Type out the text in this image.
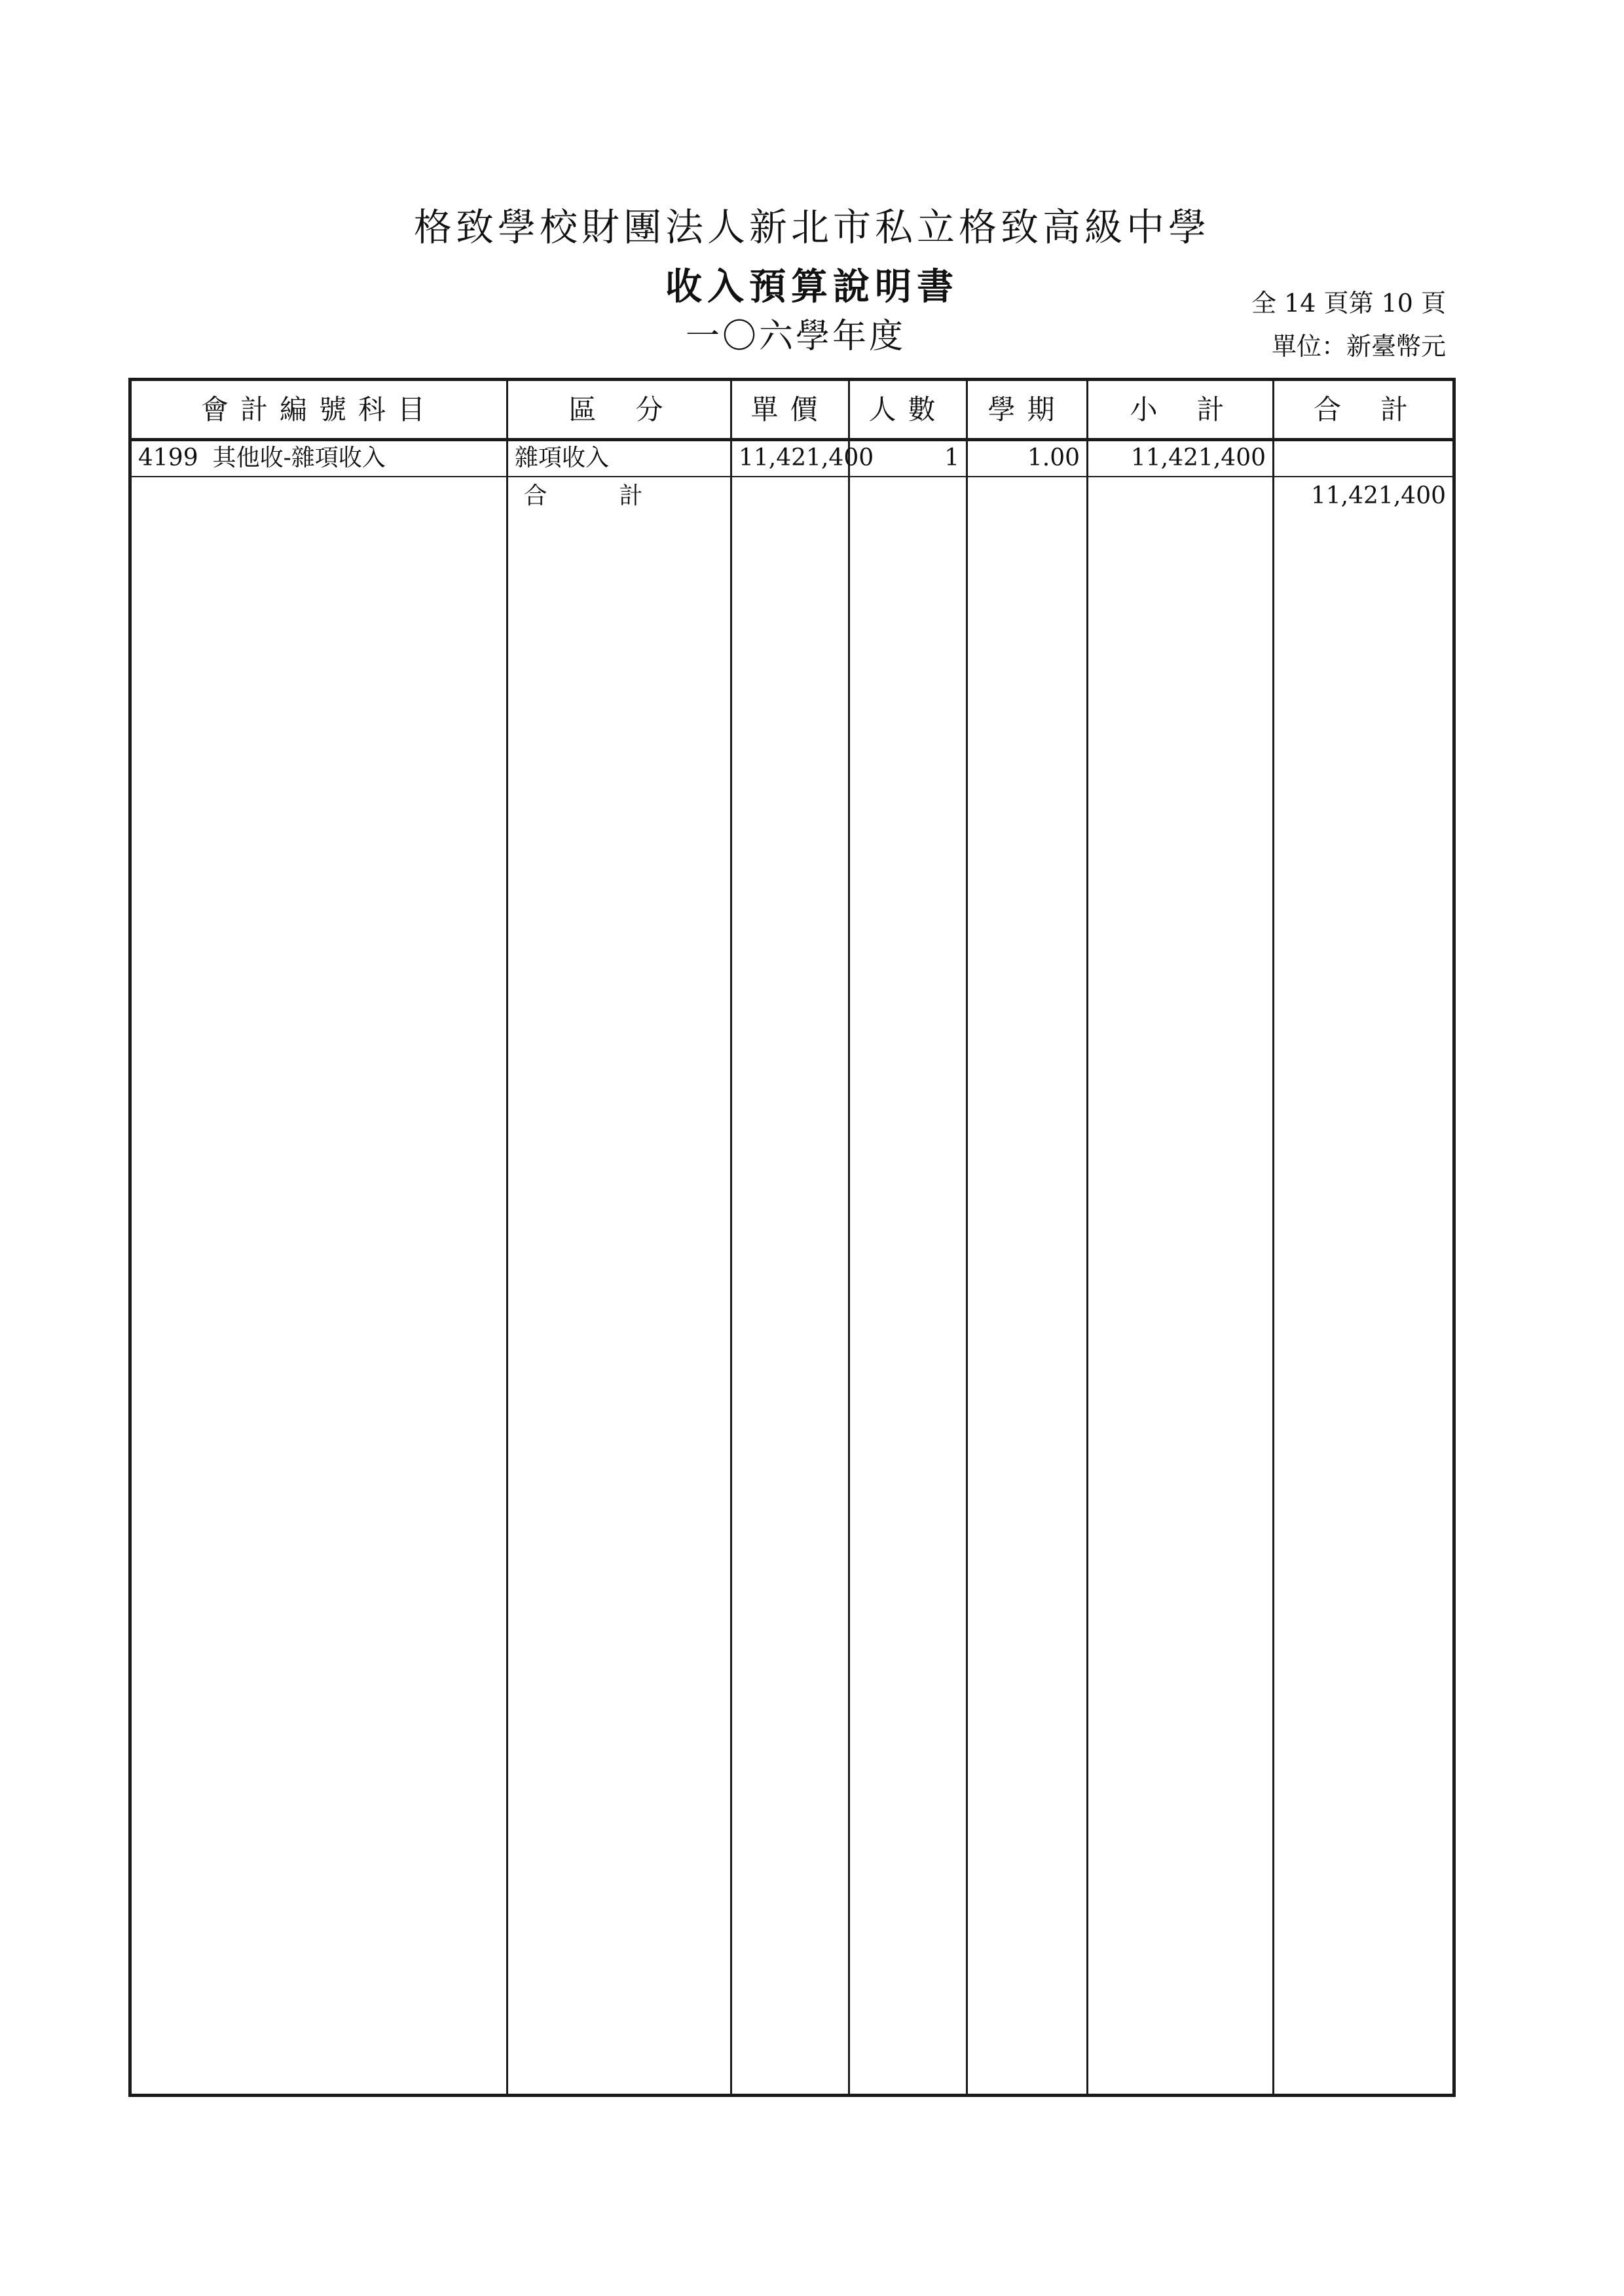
格致學校財團法人新北市私立格致高級中學
收入預算說明書
一〇六學年度
全 14 頁第 10 頁
單位：新臺幣元
會計編號科目	區分	單價	人數	學期	小計	合計
4199 其他收-雜項收入	雜項收入	11,421,400	1	1.00	11,421,400	
	合計					11,421,400
